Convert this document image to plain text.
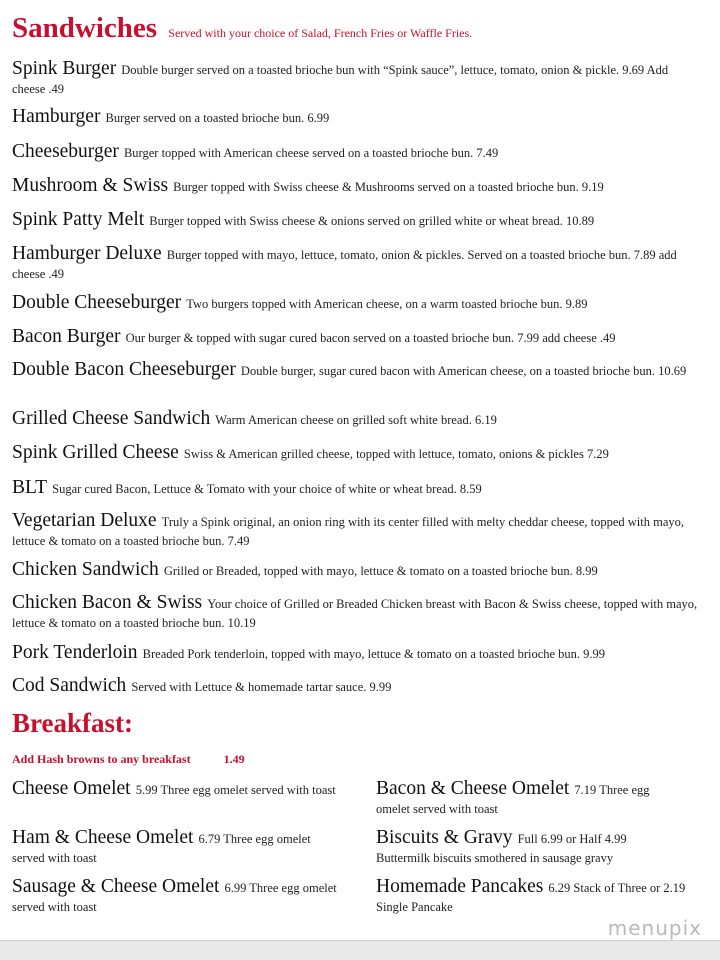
Sandwiches Served with your choice of Salad, French Fries or Waffle Fries.
Spink Burger Double burger served on a toasted brioche bun with “Spink sauce”, lettuce, tomato, onion & pickle. 9.69 Add cheese .49
Hamburger Burger served on a toasted brioche bun. 6.99
Cheeseburger Burger topped with American cheese served on a toasted brioche bun. 7.49
Mushroom & Swiss Burger topped with Swiss cheese & Mushrooms served on a toasted brioche bun. 9.19
Spink Patty Melt Burger topped with Swiss cheese & onions served on grilled white or wheat bread. 10.89
Hamburger Deluxe Burger topped with mayo, lettuce, tomato, onion & pickles. Served on a toasted brioche bun. 7.89 add cheese .49
Double Cheeseburger Two burgers topped with American cheese, on a warm toasted brioche bun. 9.89
Bacon Burger Our burger & topped with sugar cured bacon served on a toasted brioche bun. 7.99 add cheese .49
Double Bacon Cheeseburger Double burger, sugar cured bacon with American cheese, on a toasted brioche bun. 10.69
Grilled Cheese Sandwich Warm American cheese on grilled soft white bread. 6.19
Spink Grilled Cheese Swiss & American grilled cheese, topped with lettuce, tomato, onions & pickles 7.29
BLT Sugar cured Bacon, Lettuce & Tomato with your choice of white or wheat bread. 8.59
Vegetarian Deluxe Truly a Spink original, an onion ring with its center filled with melty cheddar cheese, topped with mayo, lettuce & tomato on a toasted brioche bun. 7.49
Chicken Sandwich Grilled or Breaded, topped with mayo, lettuce & tomato on a toasted brioche bun. 8.99
Chicken Bacon & Swiss Your choice of Grilled or Breaded Chicken breast with Bacon & Swiss cheese, topped with mayo, lettuce & tomato on a toasted brioche bun. 10.19
Pork Tenderloin Breaded Pork tenderloin, topped with mayo, lettuce & tomato on a toasted brioche bun. 9.99
Cod Sandwich Served with Lettuce & homemade tartar sauce. 9.99
Breakfast:
Add Hash browns to any breakfast	1.49
Cheese Omelet 5.99 Three egg omelet served with toast
Ham & Cheese Omelet 6.79 Three egg omelet served with toast
Sausage & Cheese Omelet 6.99 Three egg omelet served with toast
Bacon & Cheese Omelet 7.19 Three egg omelet served with toast
Biscuits & Gravy Full 6.99 or Half 4.99 Buttermilk biscuits smothered in sausage gravy
Homemade Pancakes 6.29 Stack of Three or 2.19 Single Pancake
menupix
